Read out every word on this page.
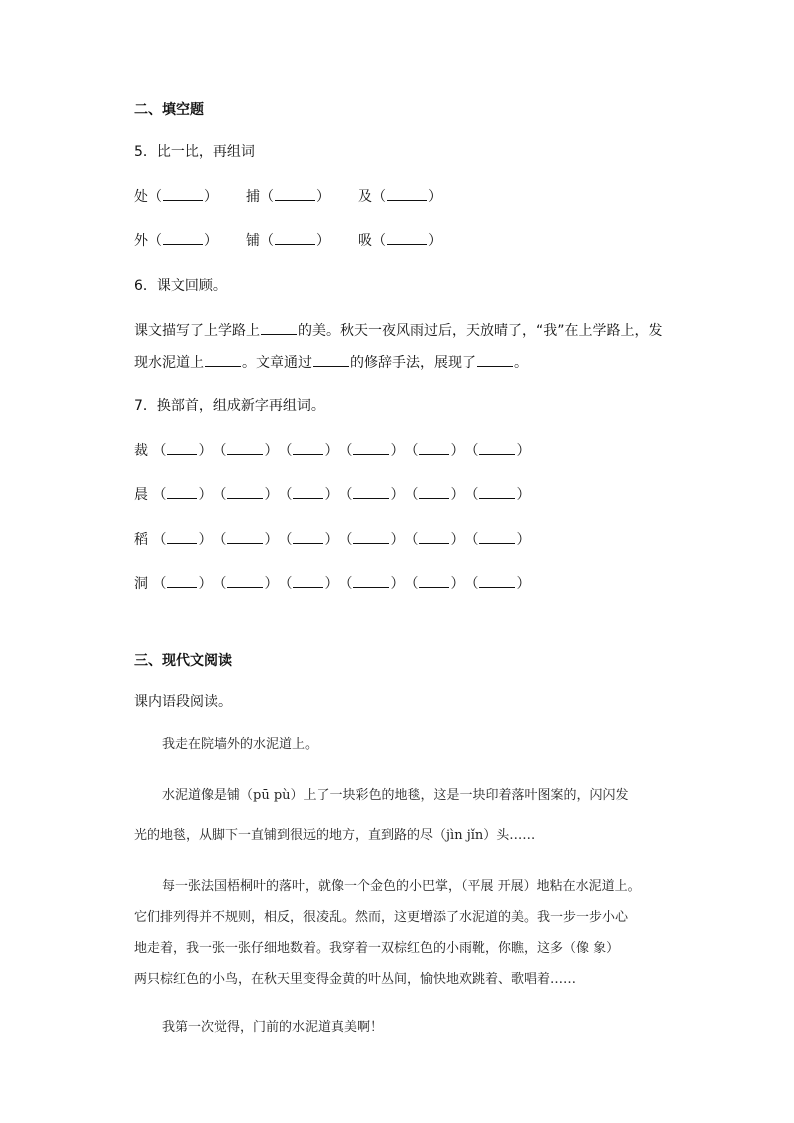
二、填空题
5．比一比，再组词
处（	） 捕（	） 及（	）
外（	） 铺（	） 吸（	）
6．课文回顾。
课文描写了上学路上	的美。秋天一夜风雨过后，天放晴了，“我”在上学路上，发
现水泥道上	。文章通过	的修辞手法，展现了	。
7．换部首，组成新字再组词。
裁 （ ）（	）（ ）（	）（ ）（	）
晨 （ ）（	）（ ）（	）（ ）（	）
稻 （ ）（	）（ ）（	）（ ）（	）
洞 （ ）（	）（ ）（	）（ ）（	）
三、现代文阅读
课内语段阅读。
我走在院墙外的水泥道上。
水泥道像是铺（pū pù）上了一块彩色的地毯，这是一块印着落叶图案的，闪闪发
光的地毯，从脚下一直铺到很远的地方，直到路的尽（jìn jǐn）头……
每一张法国梧桐叶的落叶，就像一个金色的小巴掌，（平展 开展）地粘在水泥道上。
它们排列得并不规则，相反，很凌乱。然而，这更增添了水泥道的美。我一步一步小心
地走着，我一张一张仔细地数着。我穿着一双棕红色的小雨靴，你瞧，这多（像 象）
两只棕红色的小鸟，在秋天里变得金黄的叶丛间，愉快地欢跳着、歌唱着……
我第一次觉得，门前的水泥道真美啊！
